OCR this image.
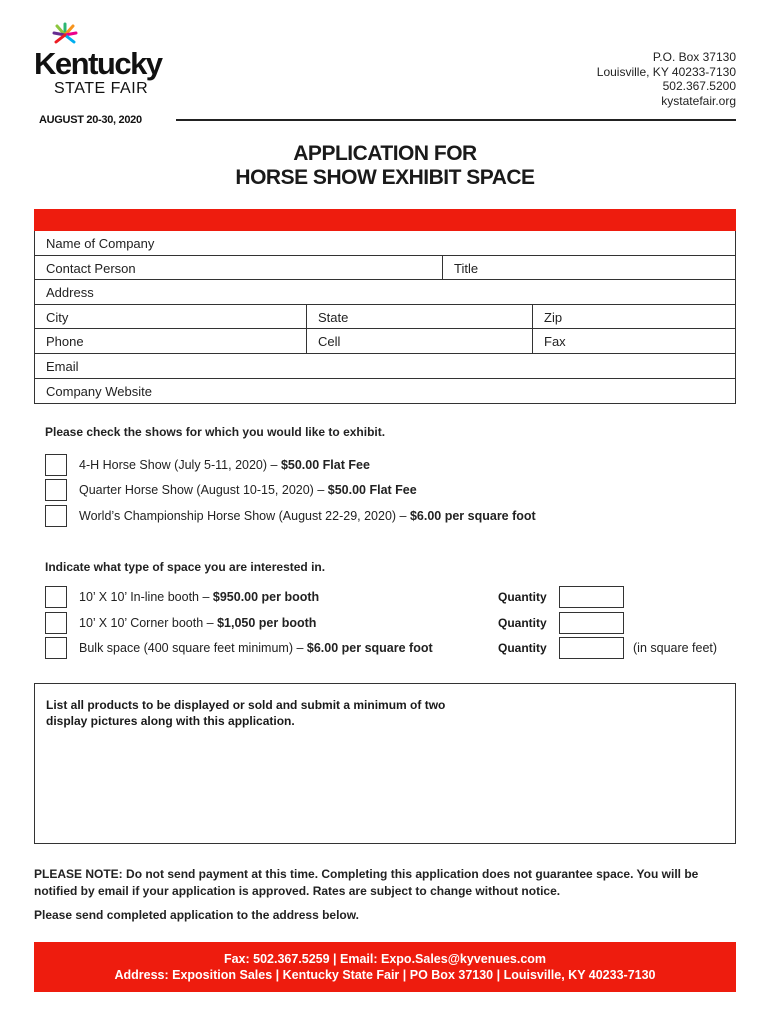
Kentucky
STATE FAIR
AUGUST 20-30, 2020
P.O. Box 37130
Louisville, KY 40233-7130
502.367.5200
kystatefair.org
APPLICATION FOR
HORSE SHOW EXHIBIT SPACE
Name of Company
Contact Person	Title
Address
City	State	Zip
Phone	Cell	Fax
Email
Company Website
Please check the shows for which you would like to exhibit.
4-H Horse Show (July 5-11, 2020) – $50.00 Flat Fee
Quarter Horse Show (August 10-15, 2020) – $50.00 Flat Fee
World’s Championship Horse Show (August 22-29, 2020) – $6.00 per square foot
Indicate what type of space you are interested in.
10’ X 10’ In-line booth – $950.00 per booth	Quantity
10’ X 10’ Corner booth – $1,050 per booth	Quantity
Bulk space (400 square feet minimum) – $6.00 per square foot	Quantity	(in square feet)
List all products to be displayed or sold and submit a minimum of two display pictures along with this application.
PLEASE NOTE: Do not send payment at this time. Completing this application does not guarantee space. You will be notified by email if your application is approved. Rates are subject to change without notice.
Please send completed application to the address below.
Fax: 502.367.5259 | Email: Expo.Sales@kyvenues.com
Address: Exposition Sales | Kentucky State Fair | PO Box 37130 | Louisville, KY 40233-7130
